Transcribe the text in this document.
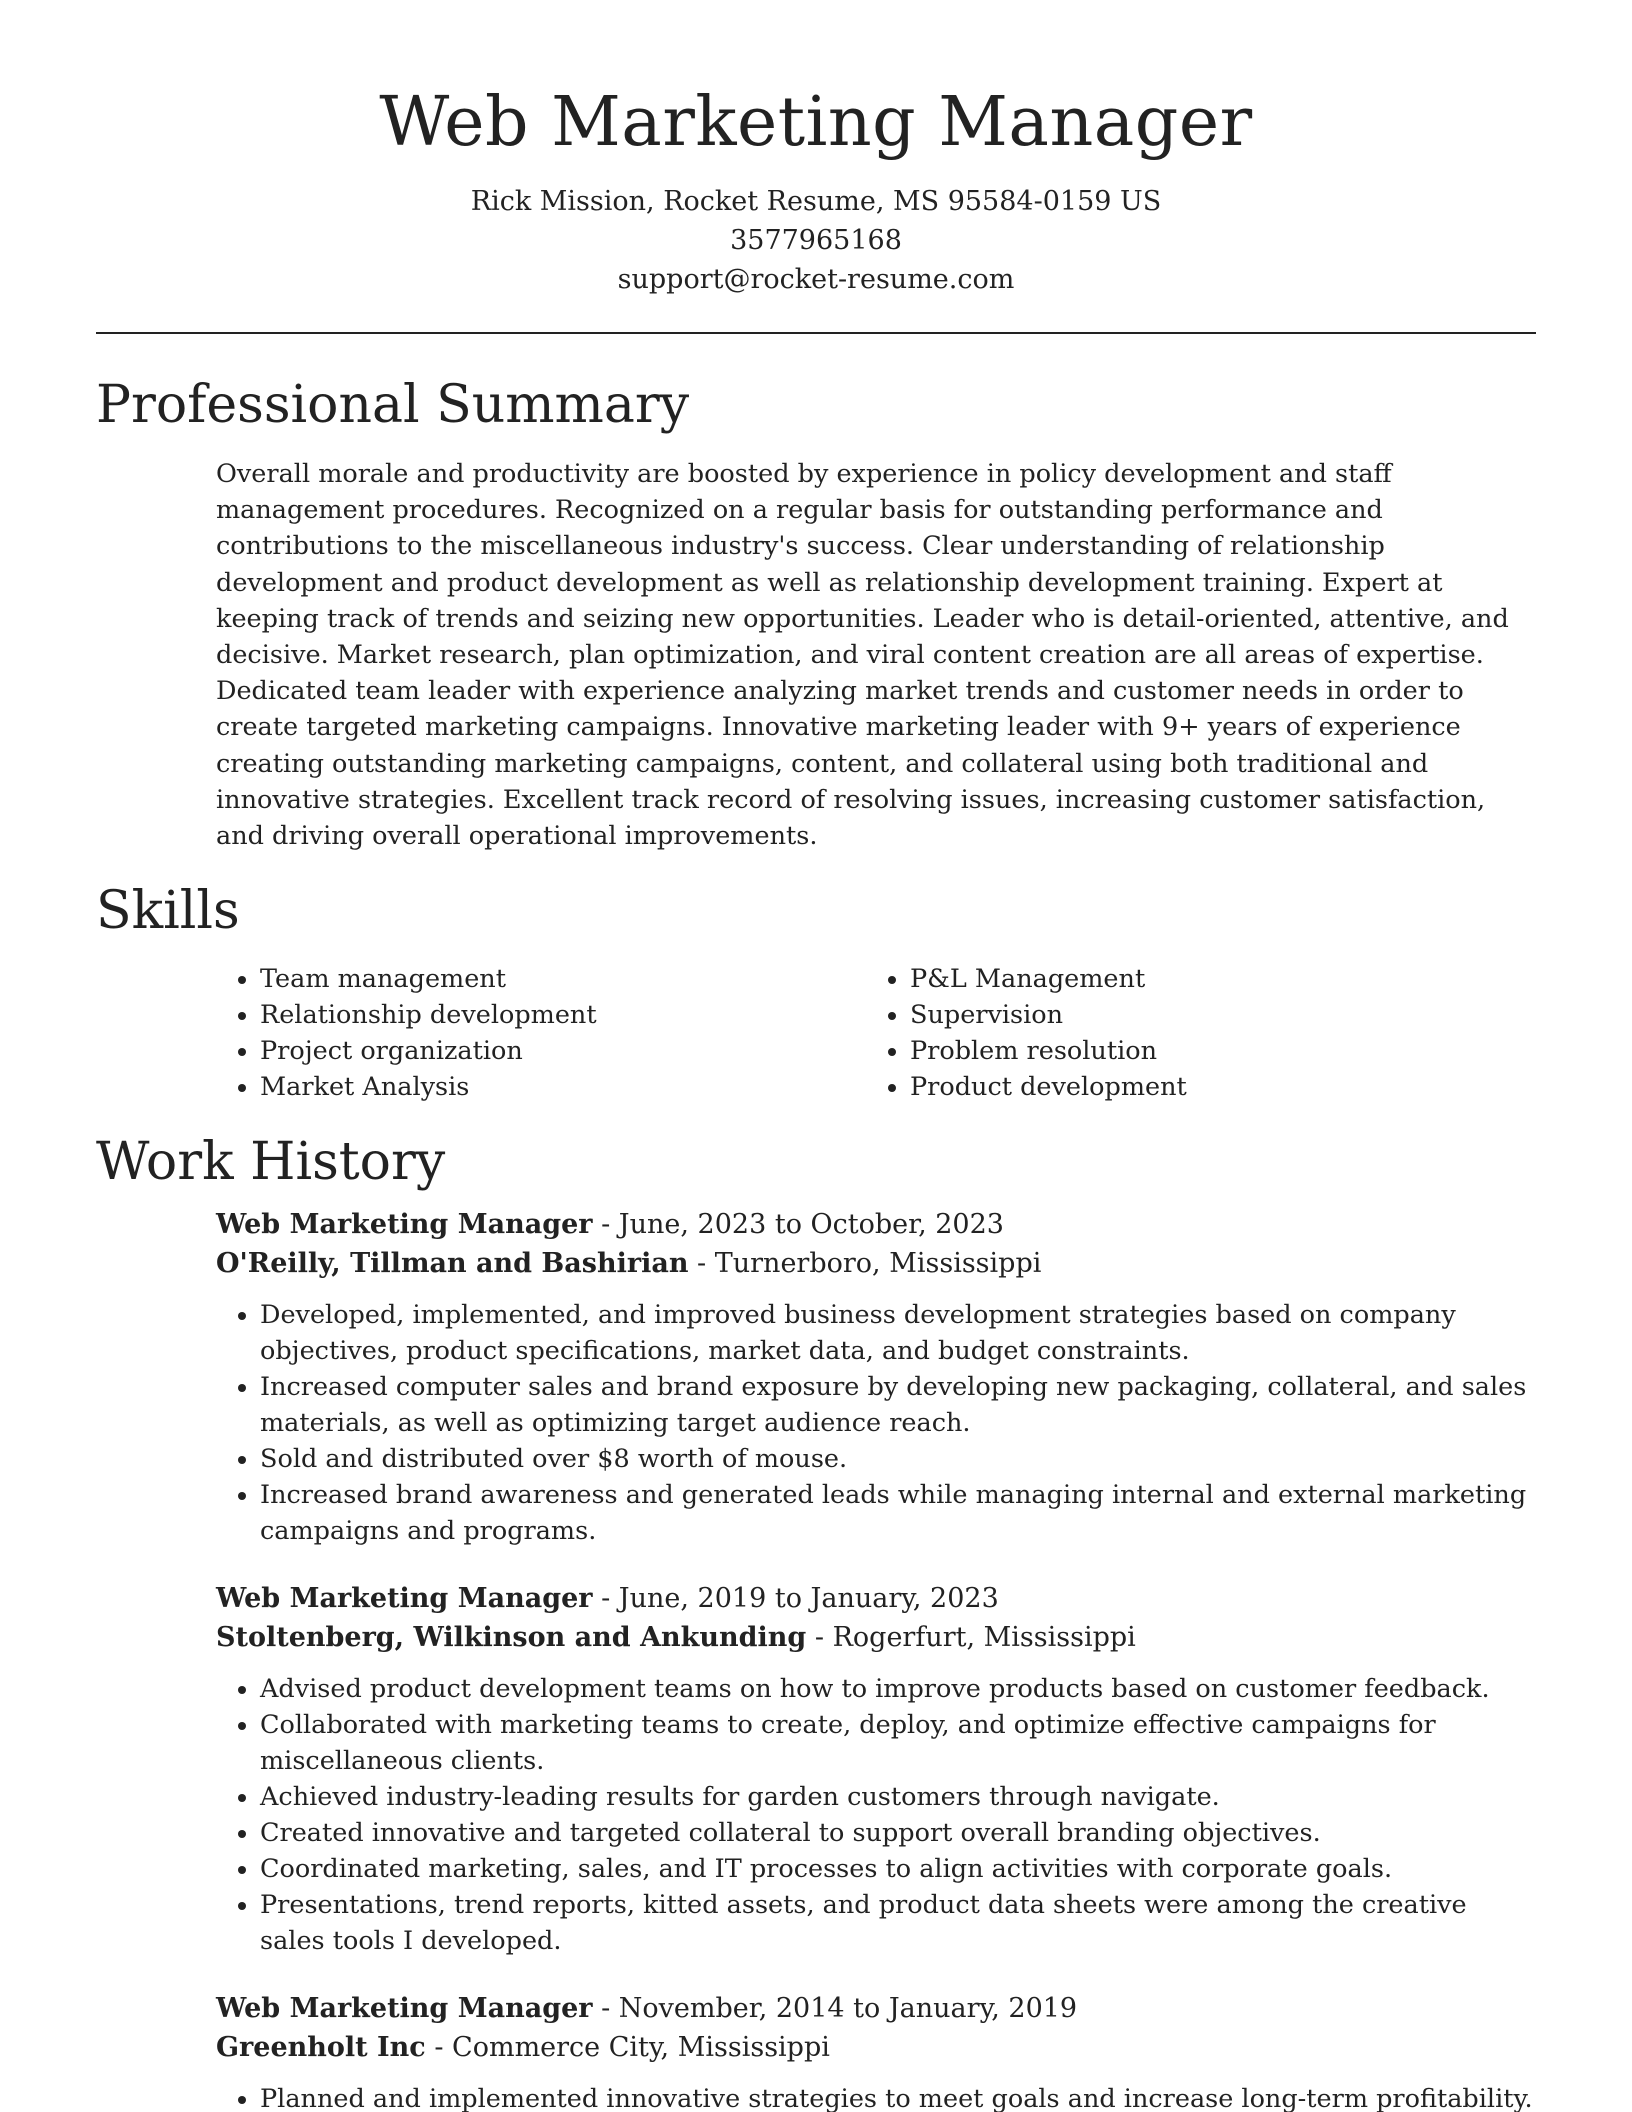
Web Marketing Manager
Rick Mission, Rocket Resume, MS 95584-0159 US
3577965168
support@rocket-resume.com
Professional Summary

Overall morale and productivity are boosted by experience in policy development and staff management procedures. Recognized on a regular basis for outstanding performance and contributions to the miscellaneous industry's success. Clear understanding of relationship development and product development as well as relationship development training. Expert at keeping track of trends and seizing new opportunities. Leader who is detail-oriented, attentive, and decisive. Market research, plan optimization, and viral content creation are all areas of expertise. Dedicated team leader with experience analyzing market trends and customer needs in order to create targeted marketing campaigns. Innovative marketing leader with 9+ years of experience creating outstanding marketing campaigns, content, and collateral using both traditional and innovative strategies. Excellent track record of resolving issues, increasing customer satisfaction, and driving overall operational improvements.

Skills
• Team management
• Relationship development
• Project organization
• Market Analysis
• P&L Management
• Supervision
• Problem resolution
• Product development
Work History
Web Marketing Manager - June, 2023 to October, 2023
O'Reilly, Tillman and Bashirian - Turnerboro, Mississippi
• Developed, implemented, and improved business development strategies based on company objectives, product specifications, market data, and budget constraints.
• Increased computer sales and brand exposure by developing new packaging, collateral, and sales materials, as well as optimizing target audience reach.
• Sold and distributed over $8 worth of mouse.
• Increased brand awareness and generated leads while managing internal and external marketing campaigns and programs.
Web Marketing Manager - June, 2019 to January, 2023
Stoltenberg, Wilkinson and Ankunding - Rogerfurt, Mississippi
• Advised product development teams on how to improve products based on customer feedback.
• Collaborated with marketing teams to create, deploy, and optimize effective campaigns for miscellaneous clients.
• Achieved industry-leading results for garden customers through navigate.
• Created innovative and targeted collateral to support overall branding objectives.
• Coordinated marketing, sales, and IT processes to align activities with corporate goals.
• Presentations, trend reports, kitted assets, and product data sheets were among the creative sales tools I developed.
Web Marketing Manager - November, 2014 to January, 2019
Greenholt Inc - Commerce City, Mississippi
• Planned and implemented innovative strategies to meet goals and increase long-term profitability.
